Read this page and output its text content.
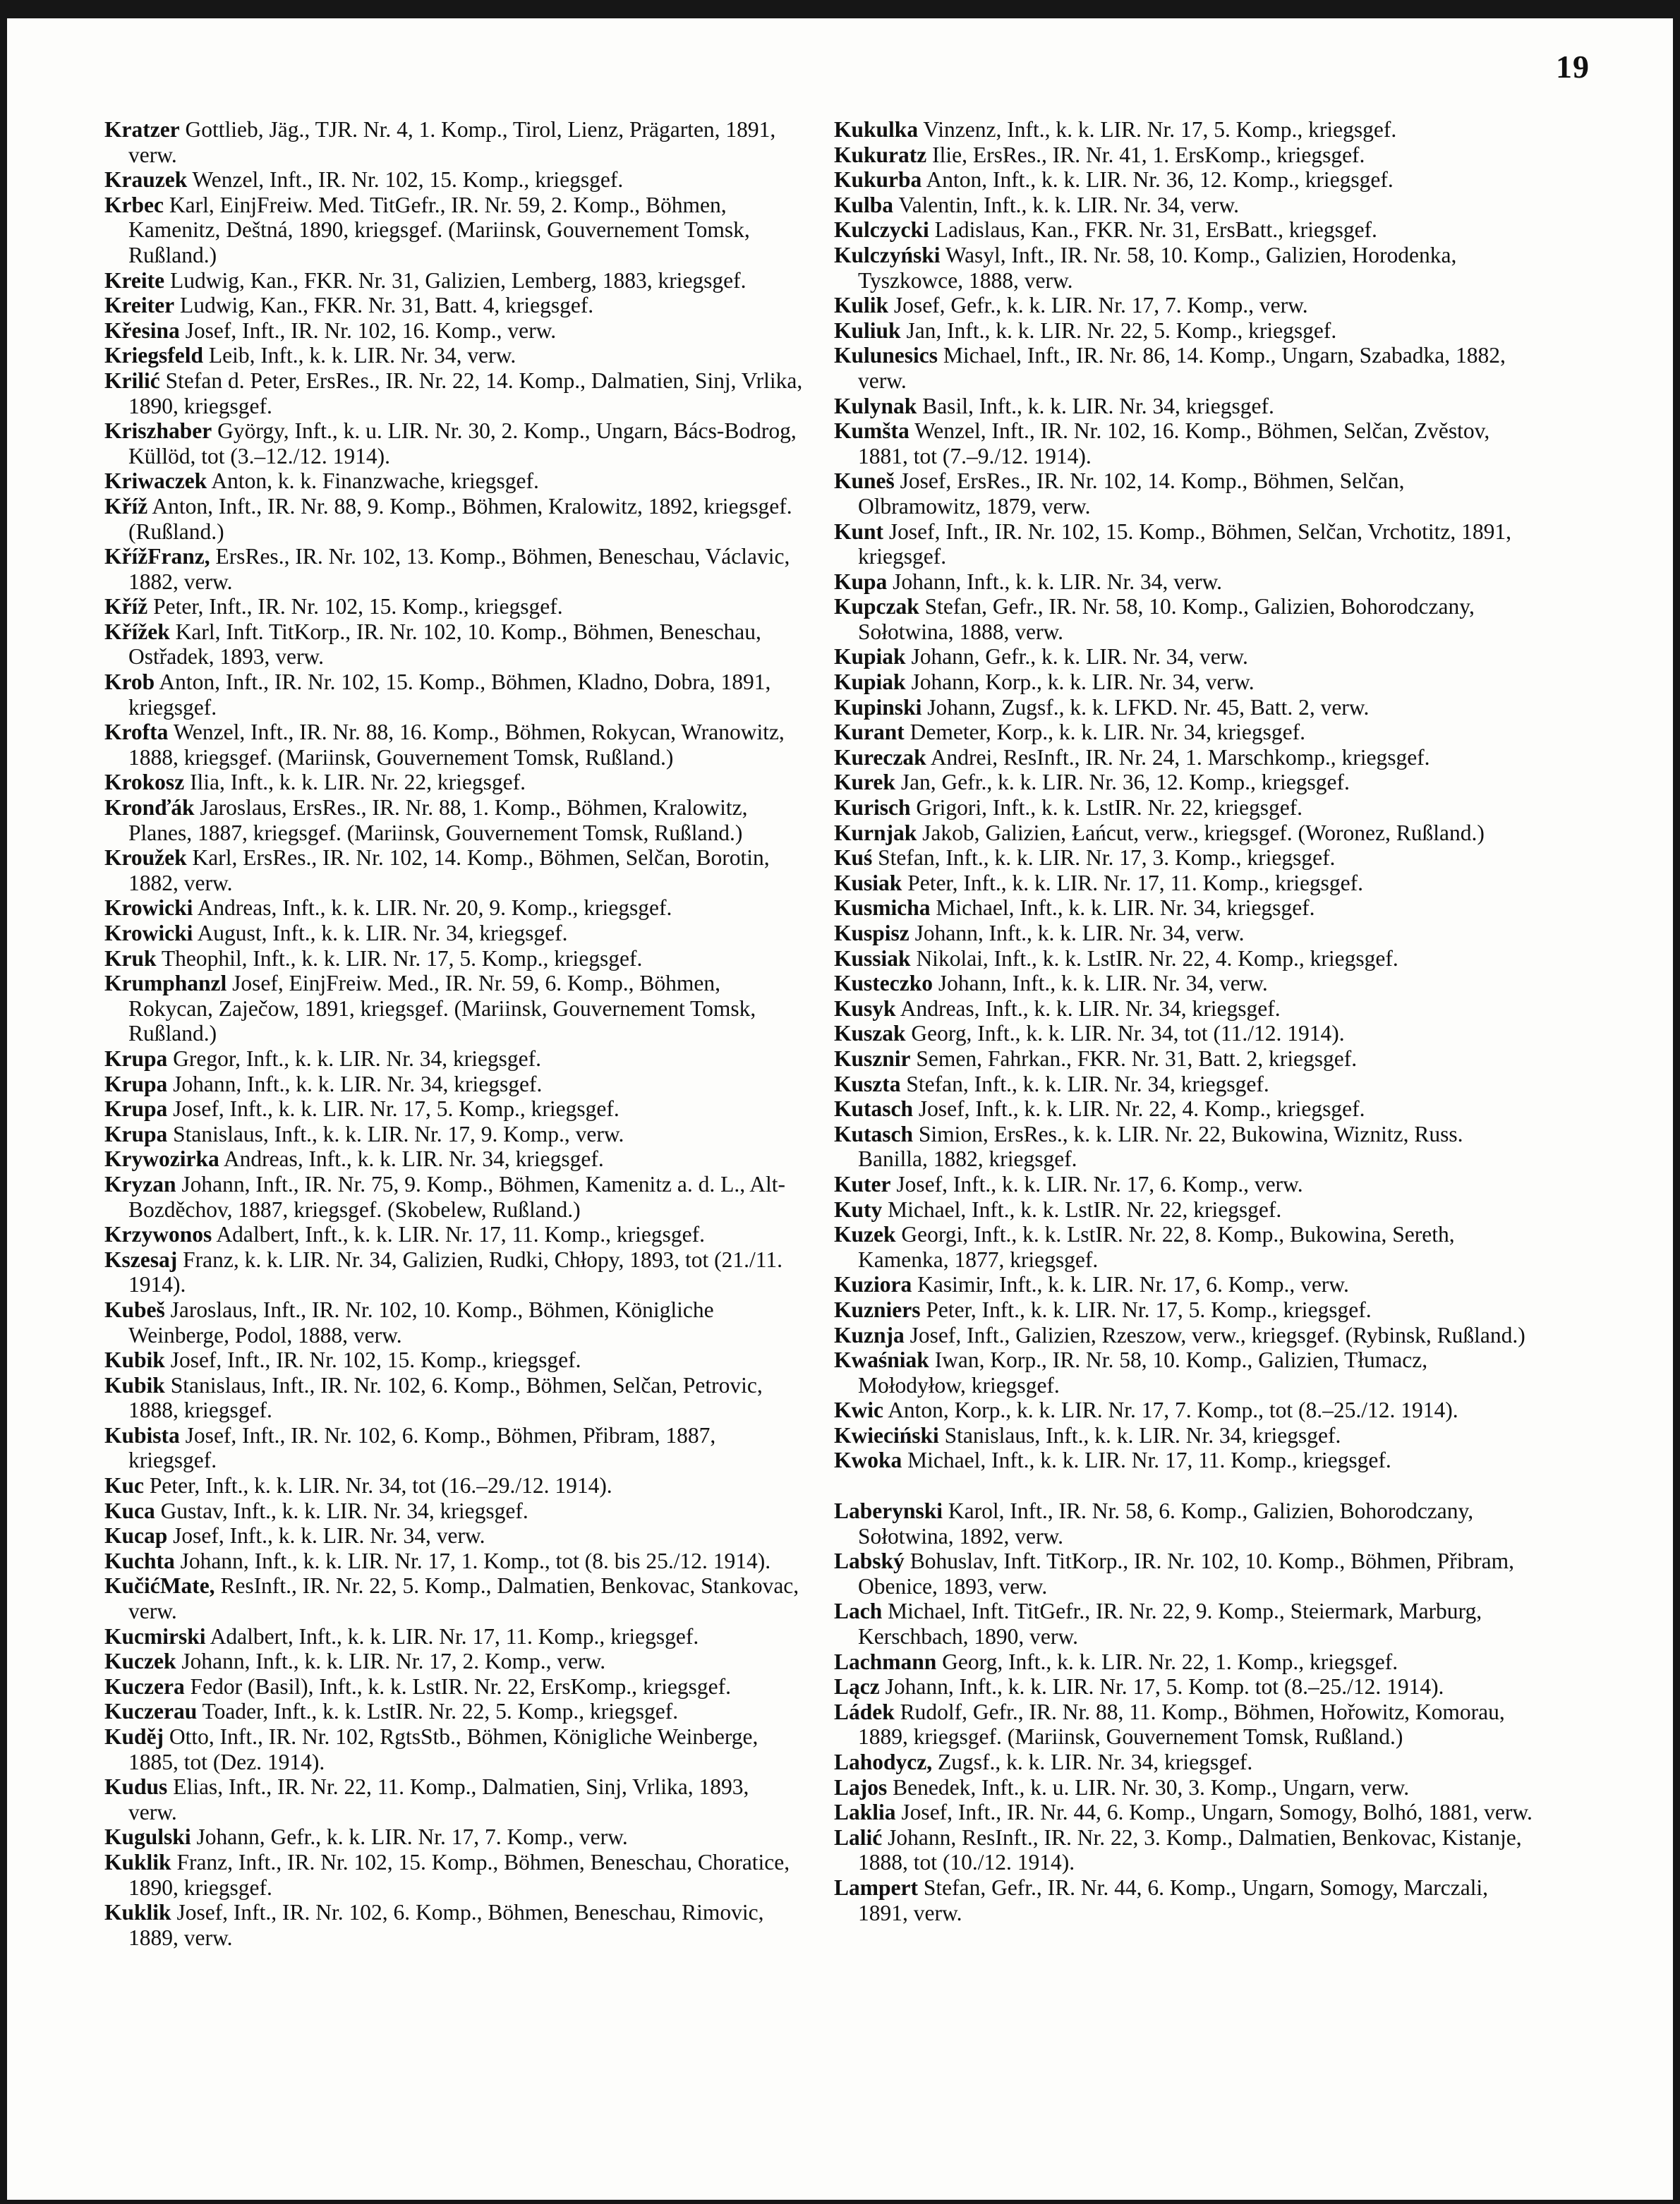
19
Kratzer Gottlieb, Jäg., TJR. Nr. 4, 1. Komp., Tirol, Lienz, Prägarten, 1891, verw.
Krauzek Wenzel, Inft., IR. Nr. 102, 15. Komp., kriegsgef.
Krbec Karl, EinjFreiw. Med. TitGefr., IR. Nr. 59, 2. Komp., Böhmen, Kamenitz, Deštná, 1890, kriegsgef. (Mariinsk, Gouvernement Tomsk, Rußland.)
Kreite Ludwig, Kan., FKR. Nr. 31, Galizien, Lemberg, 1883, kriegsgef.
Kreiter Ludwig, Kan., FKR. Nr. 31, Batt. 4, kriegsgef.
Křesina Josef, Inft., IR. Nr. 102, 16. Komp., verw.
Kriegsfeld Leib, Inft., k. k. LIR. Nr. 34, verw.
Krilić Stefan d. Peter, ErsRes., IR. Nr. 22, 14. Komp., Dalmatien, Sinj, Vrlika, 1890, kriegsgef.
Kriszhaber György, Inft., k. u. LIR. Nr. 30, 2. Komp., Ungarn, Bács-Bodrog, Küllöd, tot (3.–12./12. 1914).
Kriwaczek Anton, k. k. Finanzwache, kriegsgef.
Kříž Anton, Inft., IR. Nr. 88, 9. Komp., Böhmen, Kralowitz, 1892, kriegsgef. (Rußland.)
KřížFranz, ErsRes., IR. Nr. 102, 13. Komp., Böhmen, Beneschau, Václavic, 1882, verw.
Kříž Peter, Inft., IR. Nr. 102, 15. Komp., kriegsgef.
Křížek Karl, Inft. TitKorp., IR. Nr. 102, 10. Komp., Böhmen, Beneschau, Ostřadek, 1893, verw.
Krob Anton, Inft., IR. Nr. 102, 15. Komp., Böhmen, Kladno, Dobra, 1891, kriegsgef.
Krofta Wenzel, Inft., IR. Nr. 88, 16. Komp., Böhmen, Rokycan, Wranowitz, 1888, kriegsgef. (Mariinsk, Gouvernement Tomsk, Rußland.)
Krokosz Ilia, Inft., k. k. LIR. Nr. 22, kriegsgef.
Kronďák Jaroslaus, ErsRes., IR. Nr. 88, 1. Komp., Böhmen, Kralowitz, Planes, 1887, kriegsgef. (Mariinsk, Gouvernement Tomsk, Rußland.)
Kroužek Karl, ErsRes., IR. Nr. 102, 14. Komp., Böhmen, Selčan, Borotin, 1882, verw.
Krowicki Andreas, Inft., k. k. LIR. Nr. 20, 9. Komp., kriegsgef.
Krowicki August, Inft., k. k. LIR. Nr. 34, kriegsgef.
Kruk Theophil, Inft., k. k. LIR. Nr. 17, 5. Komp., kriegsgef.
Krumphanzl Josef, EinjFreiw. Med., IR. Nr. 59, 6. Komp., Böhmen, Rokycan, Zaječow, 1891, kriegsgef. (Mariinsk, Gouvernement Tomsk, Rußland.)
Krupa Gregor, Inft., k. k. LIR. Nr. 34, kriegsgef.
Krupa Johann, Inft., k. k. LIR. Nr. 34, kriegsgef.
Krupa Josef, Inft., k. k. LIR. Nr. 17, 5. Komp., kriegsgef.
Krupa Stanislaus, Inft., k. k. LIR. Nr. 17, 9. Komp., verw.
Krywozirka Andreas, Inft., k. k. LIR. Nr. 34, kriegsgef.
Kryzan Johann, Inft., IR. Nr. 75, 9. Komp., Böhmen, Kamenitz a. d. L., Alt-Bozděchov, 1887, kriegsgef. (Skobelew, Rußland.)
Krzywonos Adalbert, Inft., k. k. LIR. Nr. 17, 11. Komp., kriegsgef.
Kszesaj Franz, k. k. LIR. Nr. 34, Galizien, Rudki, Chłopy, 1893, tot (21./11. 1914).
Kubeš Jaroslaus, Inft., IR. Nr. 102, 10. Komp., Böhmen, Königliche Weinberge, Podol, 1888, verw.
Kubik Josef, Inft., IR. Nr. 102, 15. Komp., kriegsgef.
Kubik Stanislaus, Inft., IR. Nr. 102, 6. Komp., Böhmen, Selčan, Petrovic, 1888, kriegsgef.
Kubista Josef, Inft., IR. Nr. 102, 6. Komp., Böhmen, Přibram, 1887, kriegsgef.
Kuc Peter, Inft., k. k. LIR. Nr. 34, tot (16.–29./12. 1914).
Kuca Gustav, Inft., k. k. LIR. Nr. 34, kriegsgef.
Kucap Josef, Inft., k. k. LIR. Nr. 34, verw.
Kuchta Johann, Inft., k. k. LIR. Nr. 17, 1. Komp., tot (8. bis 25./12. 1914).
KučićMate, ResInft., IR. Nr. 22, 5. Komp., Dalmatien, Benkovac, Stankovac, verw.
Kucmirski Adalbert, Inft., k. k. LIR. Nr. 17, 11. Komp., kriegsgef.
Kuczek Johann, Inft., k. k. LIR. Nr. 17, 2. Komp., verw.
Kuczera Fedor (Basil), Inft., k. k. LstIR. Nr. 22, ErsKomp., kriegsgef.
Kuczerau Toader, Inft., k. k. LstIR. Nr. 22, 5. Komp., kriegsgef.
Kuděj Otto, Inft., IR. Nr. 102, RgtsStb., Böhmen, Königliche Weinberge, 1885, tot (Dez. 1914).
Kudus Elias, Inft., IR. Nr. 22, 11. Komp., Dalmatien, Sinj, Vrlika, 1893, verw.
Kugulski Johann, Gefr., k. k. LIR. Nr. 17, 7. Komp., verw.
Kuklik Franz, Inft., IR. Nr. 102, 15. Komp., Böhmen, Beneschau, Choratice, 1890, kriegsgef.
Kuklik Josef, Inft., IR. Nr. 102, 6. Komp., Böhmen, Beneschau, Rimovic, 1889, verw.
Kukulka Vinzenz, Inft., k. k. LIR. Nr. 17, 5. Komp., kriegsgef.
Kukuratz Ilie, ErsRes., IR. Nr. 41, 1. ErsKomp., kriegsgef.
Kukurba Anton, Inft., k. k. LIR. Nr. 36, 12. Komp., kriegsgef.
Kulba Valentin, Inft., k. k. LIR. Nr. 34, verw.
Kulczycki Ladislaus, Kan., FKR. Nr. 31, ErsBatt., kriegsgef.
Kulczyński Wasyl, Inft., IR. Nr. 58, 10. Komp., Galizien, Horodenka, Tyszkowce, 1888, verw.
Kulik Josef, Gefr., k. k. LIR. Nr. 17, 7. Komp., verw.
Kuliuk Jan, Inft., k. k. LIR. Nr. 22, 5. Komp., kriegsgef.
Kulunesics Michael, Inft., IR. Nr. 86, 14. Komp., Ungarn, Szabadka, 1882, verw.
Kulynak Basil, Inft., k. k. LIR. Nr. 34, kriegsgef.
Kumšta Wenzel, Inft., IR. Nr. 102, 16. Komp., Böhmen, Selčan, Zvěstov, 1881, tot (7.–9./12. 1914).
Kuneš Josef, ErsRes., IR. Nr. 102, 14. Komp., Böhmen, Selčan, Olbramowitz, 1879, verw.
Kunt Josef, Inft., IR. Nr. 102, 15. Komp., Böhmen, Selčan, Vrchotitz, 1891, kriegsgef.
Kupa Johann, Inft., k. k. LIR. Nr. 34, verw.
Kupczak Stefan, Gefr., IR. Nr. 58, 10. Komp., Galizien, Bohorodczany, Sołotwina, 1888, verw.
Kupiak Johann, Gefr., k. k. LIR. Nr. 34, verw.
Kupiak Johann, Korp., k. k. LIR. Nr. 34, verw.
Kupinski Johann, Zugsf., k. k. LFKD. Nr. 45, Batt. 2, verw.
Kurant Demeter, Korp., k. k. LIR. Nr. 34, kriegsgef.
Kureczak Andrei, ResInft., IR. Nr. 24, 1. Marschkomp., kriegsgef.
Kurek Jan, Gefr., k. k. LIR. Nr. 36, 12. Komp., kriegsgef.
Kurisch Grigori, Inft., k. k. LstIR. Nr. 22, kriegsgef.
Kurnjak Jakob, Galizien, Łańcut, verw., kriegsgef. (Woronez, Rußland.)
Kuś Stefan, Inft., k. k. LIR. Nr. 17, 3. Komp., kriegsgef.
Kusiak Peter, Inft., k. k. LIR. Nr. 17, 11. Komp., kriegsgef.
Kusmicha Michael, Inft., k. k. LIR. Nr. 34, kriegsgef.
Kuspisz Johann, Inft., k. k. LIR. Nr. 34, verw.
Kussiak Nikolai, Inft., k. k. LstIR. Nr. 22, 4. Komp., kriegsgef.
Kusteczko Johann, Inft., k. k. LIR. Nr. 34, verw.
Kusyk Andreas, Inft., k. k. LIR. Nr. 34, kriegsgef.
Kuszak Georg, Inft., k. k. LIR. Nr. 34, tot (11./12. 1914).
Kusznir Semen, Fahrkan., FKR. Nr. 31, Batt. 2, kriegsgef.
Kuszta Stefan, Inft., k. k. LIR. Nr. 34, kriegsgef.
Kutasch Josef, Inft., k. k. LIR. Nr. 22, 4. Komp., kriegsgef.
Kutasch Simion, ErsRes., k. k. LIR. Nr. 22, Bukowina, Wiznitz, Russ. Banilla, 1882, kriegsgef.
Kuter Josef, Inft., k. k. LIR. Nr. 17, 6. Komp., verw.
Kuty Michael, Inft., k. k. LstIR. Nr. 22, kriegsgef.
Kuzek Georgi, Inft., k. k. LstIR. Nr. 22, 8. Komp., Bukowina, Sereth, Kamenka, 1877, kriegsgef.
Kuziora Kasimir, Inft., k. k. LIR. Nr. 17, 6. Komp., verw.
Kuzniers Peter, Inft., k. k. LIR. Nr. 17, 5. Komp., kriegsgef.
Kuznja Josef, Inft., Galizien, Rzeszow, verw., kriegsgef. (Rybinsk, Rußland.)
Kwaśniak Iwan, Korp., IR. Nr. 58, 10. Komp., Galizien, Tłumacz, Mołodyłow, kriegsgef.
Kwic Anton, Korp., k. k. LIR. Nr. 17, 7. Komp., tot (8.–25./12. 1914).
Kwieciński Stanislaus, Inft., k. k. LIR. Nr. 34, kriegsgef.
Kwoka Michael, Inft., k. k. LIR. Nr. 17, 11. Komp., kriegsgef.
Laberynski Karol, Inft., IR. Nr. 58, 6. Komp., Galizien, Bohorodczany, Sołotwina, 1892, verw.
Labský Bohuslav, Inft. TitKorp., IR. Nr. 102, 10. Komp., Böhmen, Přibram, Obenice, 1893, verw.
Lach Michael, Inft. TitGefr., IR. Nr. 22, 9. Komp., Steiermark, Marburg, Kerschbach, 1890, verw.
Lachmann Georg, Inft., k. k. LIR. Nr. 22, 1. Komp., kriegsgef.
Lącz Johann, Inft., k. k. LIR. Nr. 17, 5. Komp. tot (8.–25./12. 1914).
Ládek Rudolf, Gefr., IR. Nr. 88, 11. Komp., Böhmen, Hořowitz, Komorau, 1889, kriegsgef. (Mariinsk, Gouvernement Tomsk, Rußland.)
Lahodycz, Zugsf., k. k. LIR. Nr. 34, kriegsgef.
Lajos Benedek, Inft., k. u. LIR. Nr. 30, 3. Komp., Ungarn, verw.
Laklia Josef, Inft., IR. Nr. 44, 6. Komp., Ungarn, Somogy, Bolhó, 1881, verw.
Lalić Johann, ResInft., IR. Nr. 22, 3. Komp., Dalmatien, Benkovac, Kistanje, 1888, tot (10./12. 1914).
Lampert Stefan, Gefr., IR. Nr. 44, 6. Komp., Ungarn, Somogy, Marczali, 1891, verw.
